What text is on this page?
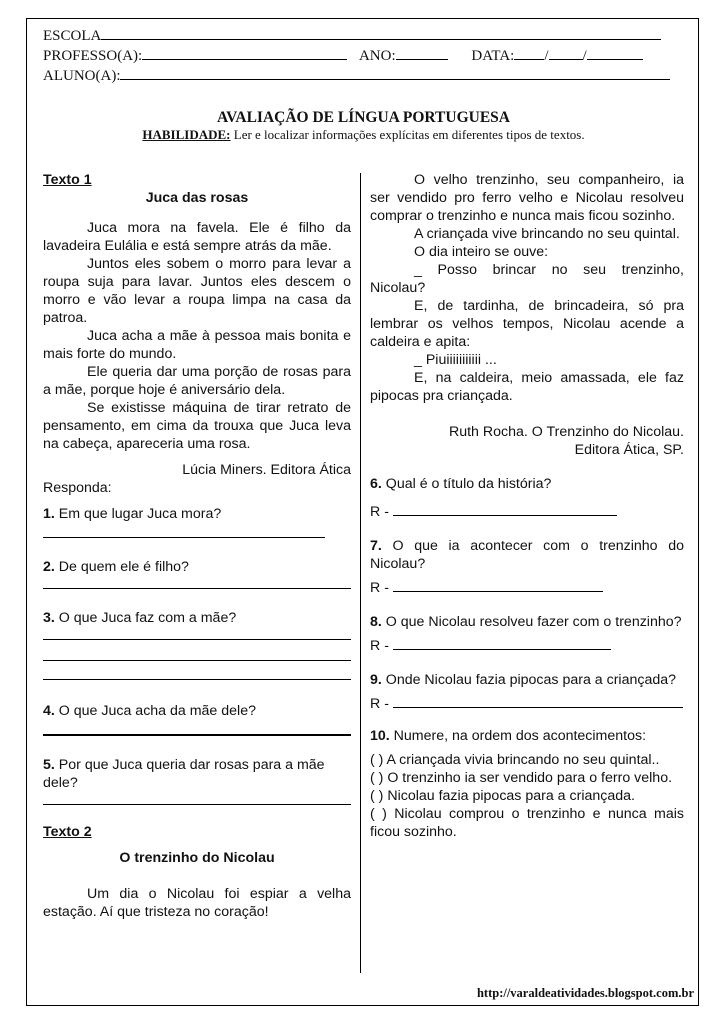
ESCOLA
PROFESSO(A):	ANO:	DATA: / /
ALUNO(A):
AVALIAÇÃO DE LÍNGUA PORTUGUESA
HABILIDADE: Ler e localizar informações explícitas em diferentes tipos de textos.

Texto 1

Juca das rosas

Juca mora na favela. Ele é filho da lavadeira Eulália e está sempre atrás da mãe.

Juntos eles sobem o morro para levar a roupa suja para lavar. Juntos eles descem o morro e vão levar a roupa limpa na casa da patroa.

Juca acha a mãe à pessoa mais bonita e mais forte do mundo.

Ele queria dar uma porção de rosas para a mãe, porque hoje é aniversário dela.

Se existisse máquina de tirar retrato de pensamento, em cima da trouxa que Juca leva na cabeça, apareceria uma rosa.

Lúcia Miners. Editora Ática

Responda:

1. Em que lugar Juca mora?

2. De quem ele é filho?

3. O que Juca faz com a mãe?

4. O que Juca acha da mãe dele?

5. Por que Juca queria dar rosas para a mãe dele?

Texto 2

O trenzinho do Nicolau

Um dia o Nicolau foi espiar a velha estação. Aí que tristeza no coração!

O velho trenzinho, seu companheiro, ia ser vendido pro ferro velho e Nicolau resolveu comprar o trenzinho e nunca mais ficou sozinho.

A criançada vive brincando no seu quintal.

O dia inteiro se ouve:

_ Posso brincar no seu trenzinho, Nicolau?

E, de tardinha, de brincadeira, só pra lembrar os velhos tempos, Nicolau acende a caldeira e apita:

_ Piuiiiiiiiiiii ...

E, na caldeira, meio amassada, ele faz pipocas pra criançada.

Ruth Rocha. O Trenzinho do Nicolau.

Editora Ática, SP.

6. Qual é o título da história?

R -

7. O que ia acontecer com o trenzinho do Nicolau?

R -

8. O que Nicolau resolveu fazer com o trenzinho?

R -

9. Onde Nicolau fazia pipocas para a criançada?

R -

10. Numere, na ordem dos acontecimentos:

( ) A criançada vivia brincando no seu quintal..

( ) O trenzinho ia ser vendido para o ferro velho.

( ) Nicolau fazia pipocas para a criançada.

( ) Nicolau comprou o trenzinho e nunca mais ficou sozinho.

http://varaldeatividades.blogspot.com.br
